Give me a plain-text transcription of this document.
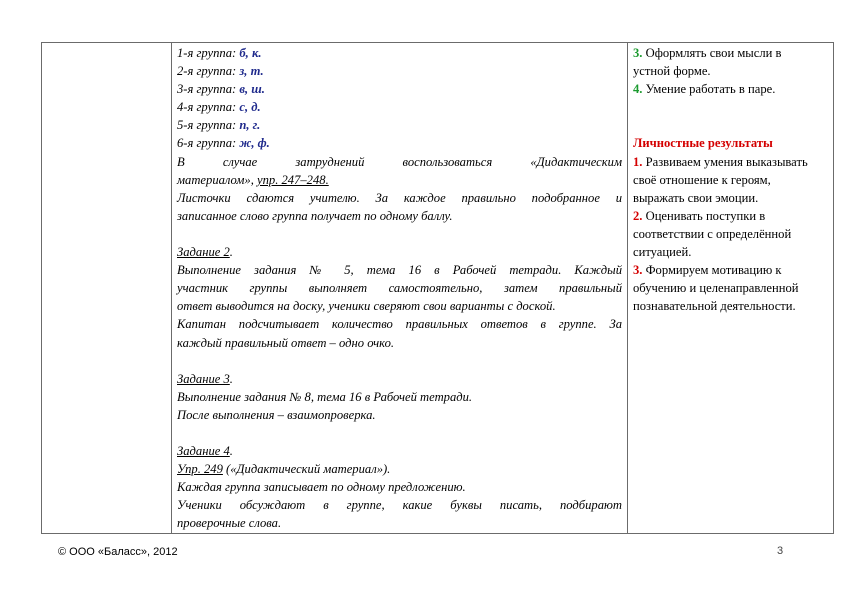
1-я группа: б, к.
2-я группа: з, т.
3-я группа: в, ш.
4-я группа: с, д.
5-я группа: п, г.
6-я группа: ж, ф.
В случае затруднений воспользоваться «Дидактическим
материалом», упр. 247–248.
Листочки сдаются учителю. За каждое правильно подобранное и
записанное слово группа получает по одному баллу.
Задание 2.
Выполнение задания № 5, тема 16 в Рабочей тетради. Каждый
участник группы выполняет самостоятельно, затем правильный
ответ выводится на доску, ученики сверяют свои варианты с доской.
Капитан подсчитывает количество правильных ответов в группе. За
каждый правильный ответ – одно очко.
Задание 3.
Выполнение задания № 8, тема 16 в Рабочей тетради.
После выполнения – взаимопроверка.
Задание 4.
Упр. 249 («Дидактический материал»).
Каждая группа записывает по одному предложению.
Ученики обсуждают в группе, какие буквы писать, подбирают
проверочные слова.

3. Оформлять свои мысли в
устной форме.
4. Умение работать в паре.
Личностные результаты
1. Развиваем умения выказывать
своё отношение к героям,
выражать свои эмоции.
2. Оценивать поступки в
соответствии с определённой
ситуацией.
3. Формируем мотивацию к
обучению и целенаправленной
познавательной деятельности.
© ООО «Баласс», 2012	3
